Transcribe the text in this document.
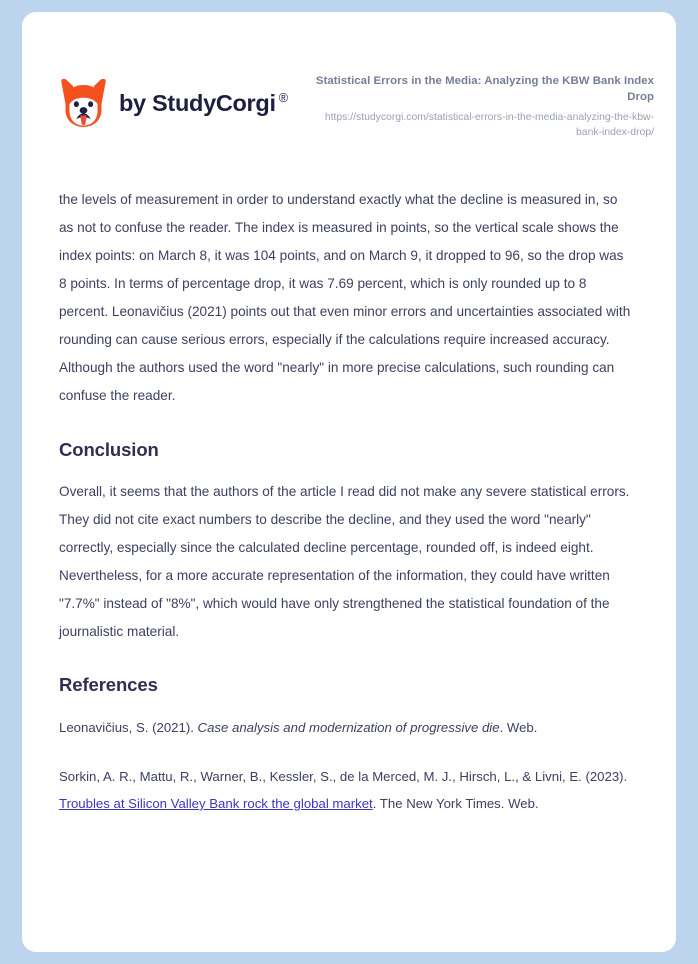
by StudyCorgi ®
Statistical Errors in the Media: Analyzing the KBW Bank Index Drop
https://studycorgi.com/statistical-errors-in-the-media-analyzing-the-kbw-bank-index-drop/

the levels of measurement in order to understand exactly what the decline is measured in, so as not to confuse the reader. The index is measured in points, so the vertical scale shows the index points: on March 8, it was 104 points, and on March 9, it dropped to 96, so the drop was 8 points. In terms of percentage drop, it was 7.69 percent, which is only rounded up to 8 percent. Leonavičius (2021) points out that even minor errors and uncertainties associated with rounding can cause serious errors, especially if the calculations require increased accuracy. Although the authors used the word "nearly" in more precise calculations, such rounding can confuse the reader.

Conclusion

Overall, it seems that the authors of the article I read did not make any severe statistical errors. They did not cite exact numbers to describe the decline, and they used the word "nearly" correctly, especially since the calculated decline percentage, rounded off, is indeed eight. Nevertheless, for a more accurate representation of the information, they could have written "7.7%" instead of "8%", which would have only strengthened the statistical foundation of the journalistic material.

References

Leonavičius, S. (2021). Case analysis and modernization of progressive die. Web.

Sorkin, A. R., Mattu, R., Warner, B., Kessler, S., de la Merced, M. J., Hirsch, L., & Livni, E. (2023). Troubles at Silicon Valley Bank rock the global market. The New York Times. Web.
